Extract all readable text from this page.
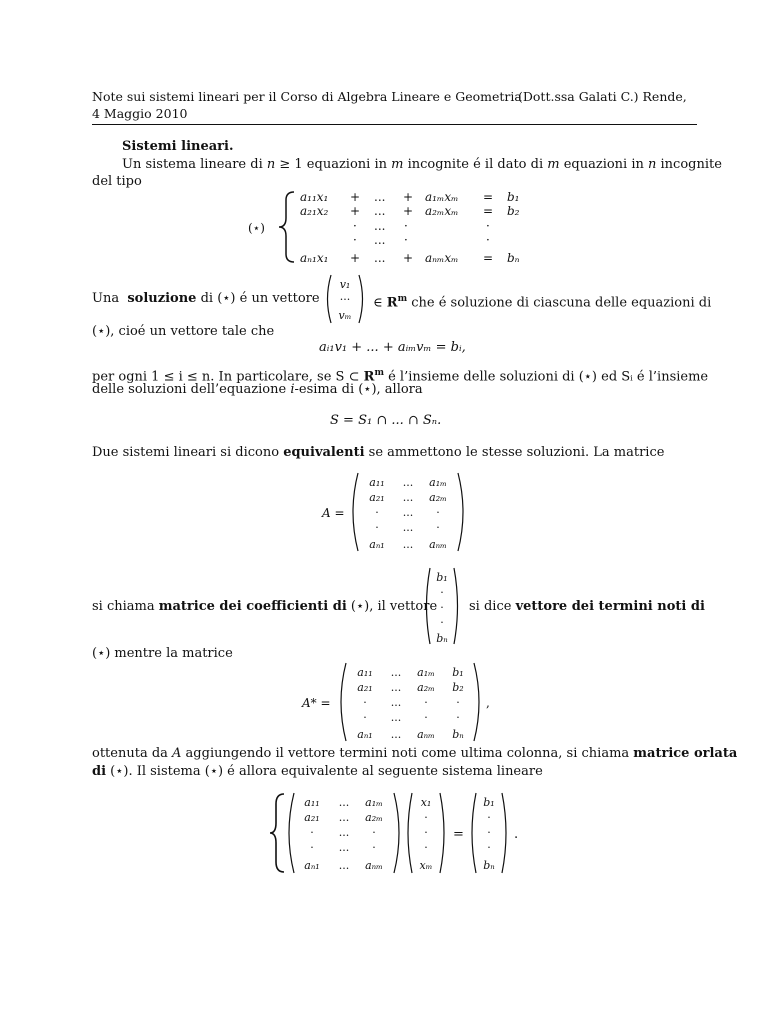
Note sui sistemi lineari per il Corso di Algebra Lineare e Geometria
(Dott.ssa Galati C.) Rende,
4 Maggio 2010
Sistemi lineari.
Un sistema lineare di n ≥ 1 equazioni in m incognite é il dato di m equazioni in n incognite
del tipo
(⋆)
a₁₁x₁ + ... + a₁ₘxₘ = b₁
a₂₁x₂ + ... + a₂ₘxₘ = b₂
· ... ·	·
· ... ·	·
aₙ₁x₁ + ... + aₙₘxₘ = bₙ
Una soluzione di (⋆) é un vettore
v₁
···
vₘ
∈ $R^m$ che é soluzione di ciascuna delle equazioni di
(⋆), cioé un vettore tale che
aᵢ₁v₁ + ... + aᵢₘvₘ = bᵢ,
per ogni 1 ≤ i ≤ n. In particolare, se S ⊂ $R^m$ é l’insieme delle soluzioni di (⋆) ed Sᵢ é l’insieme
delle soluzioni dell’equazione i-esima di (⋆), allora
S = S₁ ∩ ... ∩ Sₙ.
Due sistemi lineari si dicono equivalenti se ammettono le stesse soluzioni. La matrice
A =
a₁₁ ... a₁ₘ
a₂₁ ... a₂ₘ
· ... ·
· ... ·
aₙ₁ ... aₙₘ
si chiama matrice dei coefficienti di (⋆), il vettore
b₁
·
·
·
bₙ
si dice vettore dei termini noti di
(⋆) mentre la matrice
A* =	,
a₁₁ ... a₁ₘ b₁
a₂₁ ... a₂ₘ b₂
· ... ·	·
· ... ·	·
aₙ₁ ... aₙₘ bₙ
ottenuta da A aggiungendo il vettore termini noti come ultima colonna, si chiama matrice orlata
di (⋆). Il sistema (⋆) é allora equivalente al seguente sistema lineare
a₁₁ ... a₁ₘ
a₂₁ ... a₂ₘ
· ... ·
· ... ·
aₙ₁ ... aₙₘ
x₁
·
·
·
xₘ
=
b₁
·
·
·
bₙ
.
